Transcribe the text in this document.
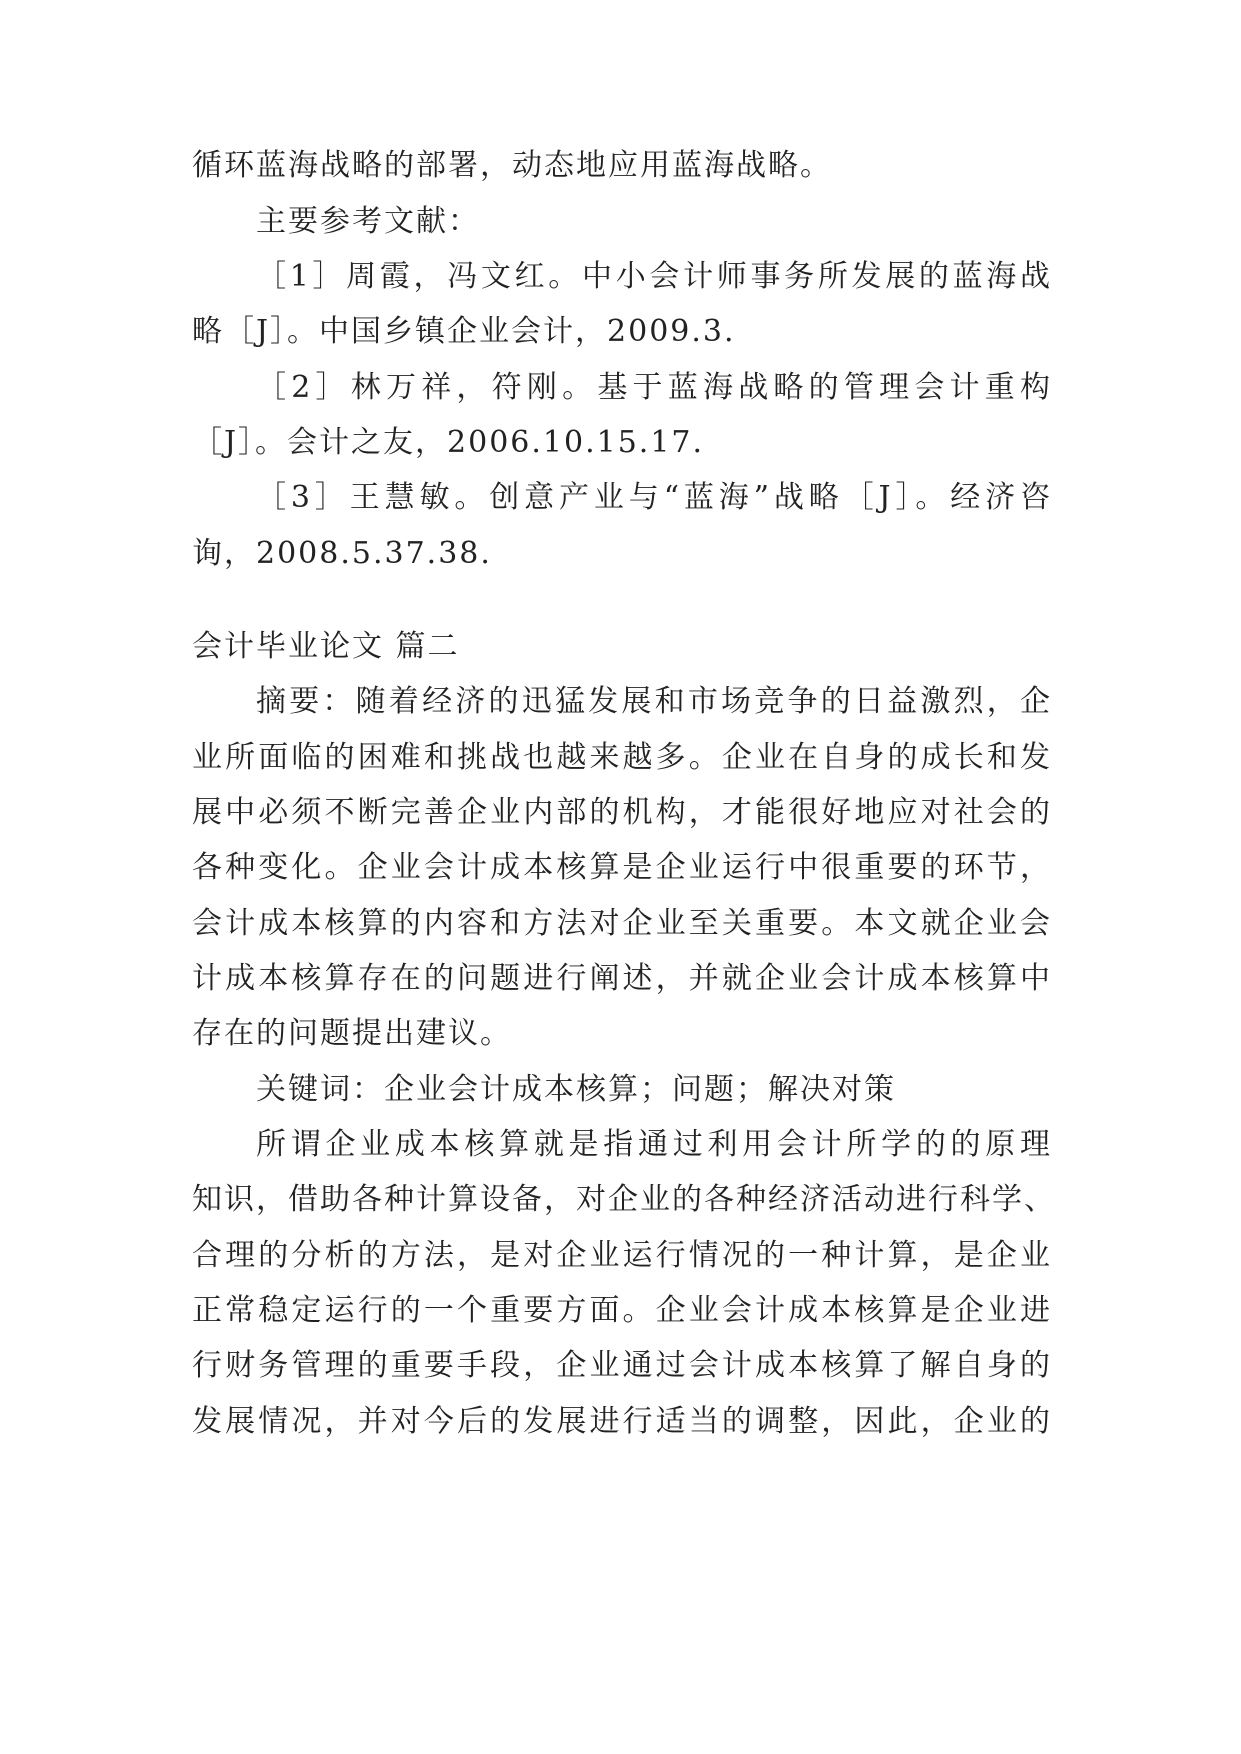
循环蓝海战略的部署，动态地应用蓝海战略。
主要参考文献：
［1］周霞，冯文红。中小会计师事务所发展的蓝海战
略［J］。中国乡镇企业会计，2009.3.
［2］林万祥，符刚。基于蓝海战略的管理会计重构
［J］。会计之友，2006.10.15.17.
［3］王慧敏。创意产业与“蓝海”战略［J］。经济咨
询，2008.5.37.38.
会计毕业论文 篇二
摘要：随着经济的迅猛发展和市场竞争的日益激烈，企
业所面临的困难和挑战也越来越多。企业在自身的成长和发
展中必须不断完善企业内部的机构，才能很好地应对社会的
各种变化。企业会计成本核算是企业运行中很重要的环节，
会计成本核算的内容和方法对企业至关重要。本文就企业会
计成本核算存在的问题进行阐述，并就企业会计成本核算中
存在的问题提出建议。
关键词：企业会计成本核算；问题；解决对策
所谓企业成本核算就是指通过利用会计所学的的原理
知识，借助各种计算设备，对企业的各种经济活动进行科学、
合理的分析的方法，是对企业运行情况的一种计算，是企业
正常稳定运行的一个重要方面。企业会计成本核算是企业进
行财务管理的重要手段，企业通过会计成本核算了解自身的
发展情况，并对今后的发展进行适当的调整，因此，企业的
